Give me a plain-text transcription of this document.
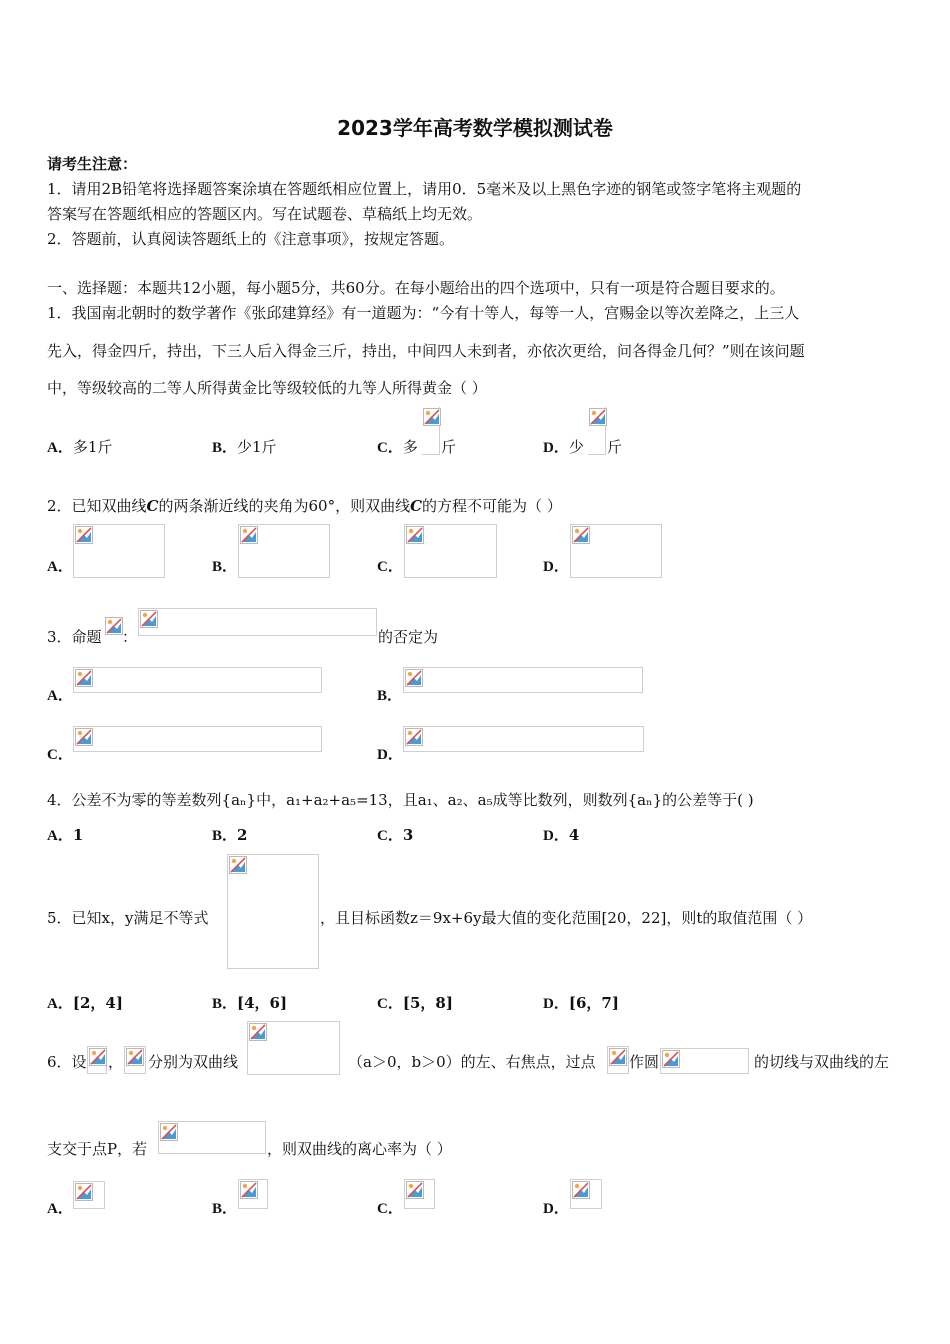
2023学年高考数学模拟测试卷
请考生注意：
1．请用2B铅笔将选择题答案涂填在答题纸相应位置上，请用0．5毫米及以上黑色字迹的钢笔或签字笔将主观题的
答案写在答题纸相应的答题区内。写在试题卷、草稿纸上均无效。
2．答题前，认真阅读答题纸上的《注意事项》，按规定答题。
一、选择题：本题共12小题，每小题5分，共60分。在每小题给出的四个选项中，只有一项是符合题目要求的。
1．我国南北朝时的数学著作《张邱建算经》有一道题为：“今有十等人，每等一人，宫赐金以等次差降之，上三人
先入，得金四斤，持出，下三人后入得金三斤，持出，中间四人未到者，亦依次更给，问各得金几何？”则在该问题
中，等级较高的二等人所得黄金比等级较低的九等人所得黄金（ ）
A．多1斤	B．少1斤	C．多 斤	D．少 斤
2．已知双曲线C的两条渐近线的夹角为60°，则双曲线C的方程不可能为（ ）
A．	B．	C．	D．
3．命题 ：	的否定为
A．	B．
C．	D．
4．公差不为零的等差数列{aₙ}中，a₁+a₂+a₅=13，且a₁、a₂、a₅成等比数列，则数列{aₙ}的公差等于( )
A．1	B．2	C．3	D．4
5．已知x，y满足不等式	，且目标函数z＝9x+6y最大值的变化范围[20，22]，则t的取值范围（ ）
A．[2，4]	B．[4，6]	C．[5，8]	D．[6，7]
6．设 ， 分别为双曲线	（a＞0，b＞0）的左、右焦点，过点 作圆	的切线与双曲线的左
支交于点P，若	，则双曲线的离心率为（ ）
A．	B．	C．	D．
